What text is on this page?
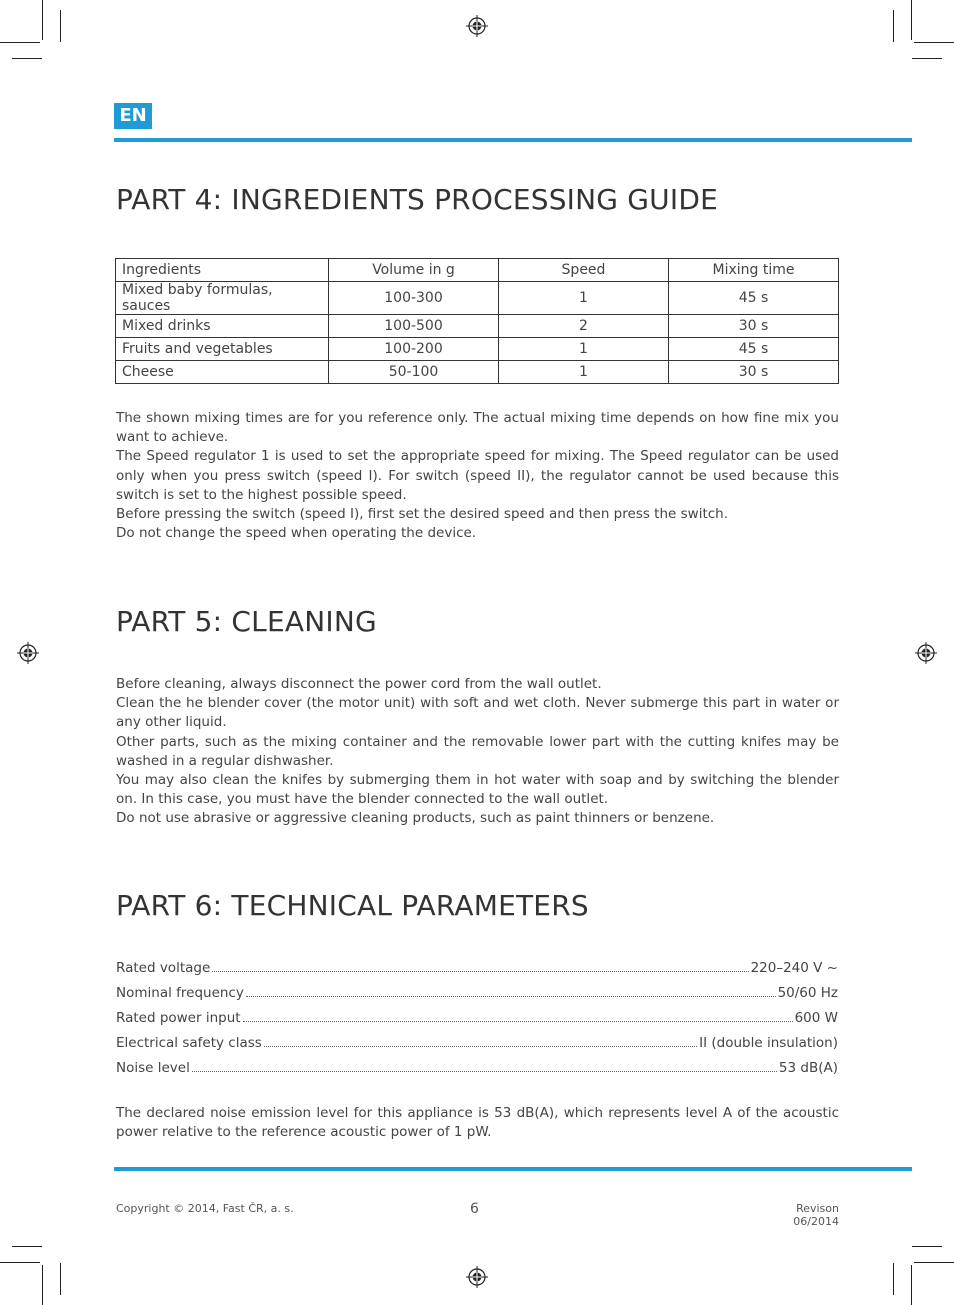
EN
PART 4: INGREDIENTS PROCESSING GUIDE
Ingredients	Volume in g	Speed	Mixing time
Mixed baby formulas, sauces	100-300	1	45 s
Mixed drinks	100-500	2	30 s
Fruits and vegetables	100-200	1	45 s
Cheese	50-100	1	30 s

The shown mixing times are for you reference only. The actual mixing time depends on how fine mix you want to achieve.

The Speed regulator 1 is used to set the appropriate speed for mixing. The Speed regulator can be used only when you press switch (speed I). For switch (speed II), the regulator cannot be used because this switch is set to the highest possible speed.

Before pressing the switch (speed I), first set the desired speed and then press the switch.

Do not change the speed when operating the device.

PART 5: CLEANING

Before cleaning, always disconnect the power cord from the wall outlet.

Clean the he blender cover (the motor unit) with soft and wet cloth. Never submerge this part in water or any other liquid.

Other parts, such as the mixing container and the removable lower part with the cutting knifes may be washed in a regular dishwasher.

You may also clean the knifes by submerging them in hot water with soap and by switching the blender on. In this case, you must have the blender connected to the wall outlet.

Do not use abrasive or aggressive cleaning products, such as paint thinners or benzene.

PART 6: TECHNICAL PARAMETERS
Rated voltage	220–240 V ~
Nominal frequency	50/60 Hz
Rated power input	600 W
Electrical safety class	II (double insulation)
Noise level	53 dB(A)
The declared noise emission level for this appliance is 53 dB(A), which represents level A of the acoustic power relative to the reference acoustic power of 1 pW.
Copyright © 2014, Fast ČR, a. s.	6	Revison 06/2014
